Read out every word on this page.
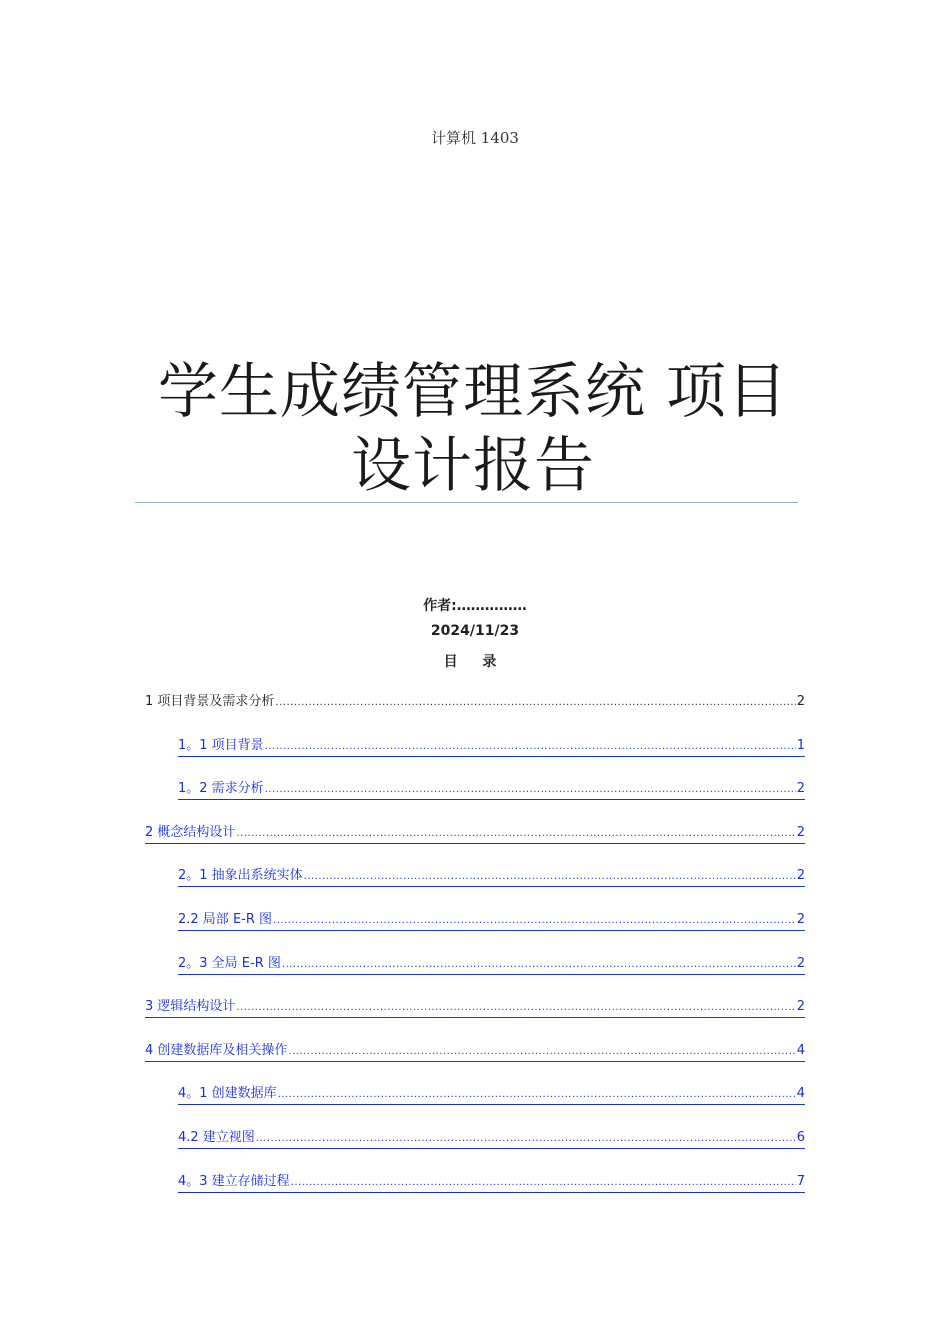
计算机 1403
学生成绩管理系统 项目设计报告
作者:……………
2024/11/23
目 录
1 项目背景及需求分析 .....	2
1。1 项目背景 .....	1
1。2 需求分析 .....	2
2 概念结构设计 .....	2
2。1 抽象出系统实体 .....	2
2.2 局部 E-R 图 .....	2
2。3 全局 E-R 图 .....	2
3 逻辑结构设计 .....	2
4 创建数据库及相关操作 .....	4
4。1 创建数据库 .....	4
4.2 建立视图 .....	6
4。3 建立存储过程 .....	7
